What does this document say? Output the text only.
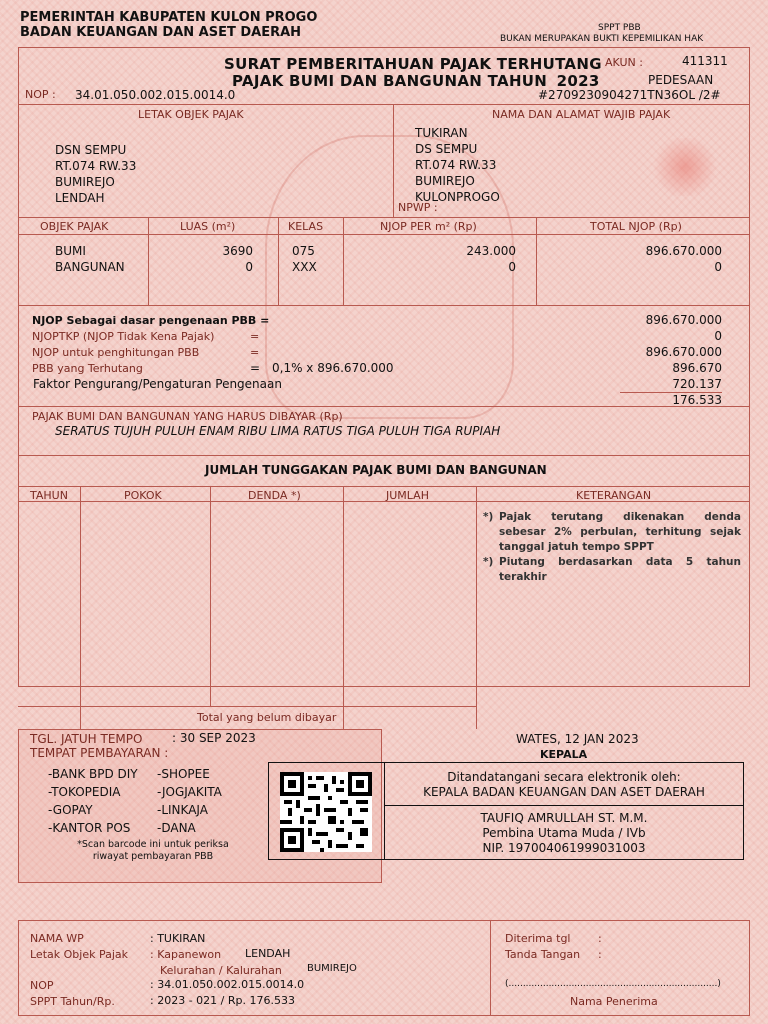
PEMERINTAH KABUPATEN KULON PROGO
BADAN KEUANGAN DAN ASET DAERAH	SPPT PBB
BUKAN MERUPAKAN BUKTI KEPEMILIKAN HAK
SURAT PEMBERITAHUAN PAJAK TERHUTANG
PAJAK BUMI DAN BANGUNAN TAHUN 2023
AKUN :	411311
PEDESAAN
NOP : 34.01.050.002.015.0014.0	#2709230904271TN36OL /2#
LETAK OBJEK PAJAK	NAMA DAN ALAMAT WAJIB PAJAK
DSN SEMPU
RT.074 RW.33
BUMIREJO
LENDAH
TUKIRAN
DS SEMPU
RT.074 RW.33
BUMIREJO
KULONPROGO
NPWP :
OBJEK PAJAK	LUAS (m²)	KELAS	NJOP PER m² (Rp)	TOTAL NJOP (Rp)
BUMI	3690	075	243.000	896.670.000
BANGUNAN	0	XXX	0	0
NJOP Sebagai dasar pengenaan PBB =	896.670.000
NJOPTKP (NJOP Tidak Kena Pajak)	=	0
NJOP untuk penghitungan PBB	=	896.670.000
PBB yang Terhutang	= 0,1% x 896.670.000	896.670
Faktor Pengurang/Pengaturan Pengenaan	720.137
176.533
PAJAK BUMI DAN BANGUNAN YANG HARUS DIBAYAR (Rp)
SERATUS TUJUH PULUH ENAM RIBU LIMA RATUS TIGA PULUH TIGA RUPIAH
JUMLAH TUNGGAKAN PAJAK BUMI DAN BANGUNAN
TAHUN	POKOK	DENDA *)	JUMLAH	KETERANGAN
*) Pajak terutang dikenakan denda sebesar 2% perbulan, terhitung sejak tanggal jatuh tempo SPPT
*) Piutang berdasarkan data 5 tahun terakhir
Total yang belum dibayar
TGL. JATUH TEMPO : 30 SEP 2023
TEMPAT PEMBAYARAN :
-BANK BPD DIY
-TOKOPEDIA
-GOPAY
-KANTOR POS
-SHOPEE
-JOGJAKITA
-LINKAJA
-DANA
*Scan barcode ini untuk periksa
riwayat pembayaran PBB
WATES, 12 JAN 2023
KEPALA
Ditandatangani secara elektronik oleh:
KEPALA BADAN KEUANGAN DAN ASET DAERAH
TAUFIQ AMRULLAH ST. M.M.
Pembina Utama Muda / IVb
NIP. 197004061999031003
NAMA WP	: TUKIRAN
Letak Objek Pajak : Kapanewon LENDAH
Kelurahan / Kalurahan	BUMIREJO
NOP	: 34.01.050.002.015.0014.0
SPPT Tahun/Rp.	: 2023 - 021 / Rp. 176.533
Diterima tgl	:
Tanda Tangan :
(.........................................................................)
Nama Penerima
